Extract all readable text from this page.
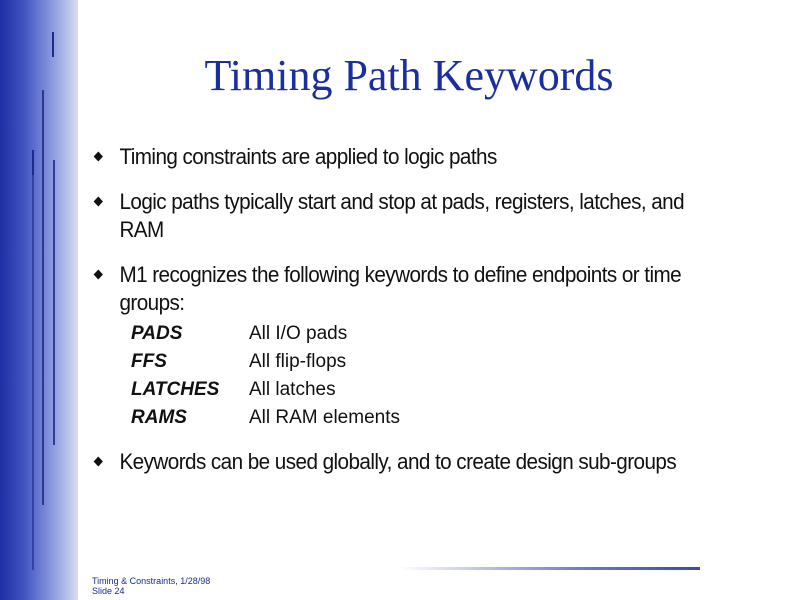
Timing Path Keywords
Timing constraints are applied to logic paths
Logic paths typically start and stop at pads, registers, latches, and RAM
M1 recognizes the following keywords to define endpoints or time groups:
PADS	All I/O pads
FFS	All flip-flops
LATCHES All latches
RAMS	All RAM elements
Keywords can be used globally, and to create design sub-groups
Timing & Constraints, 1/28/98
Slide 24
